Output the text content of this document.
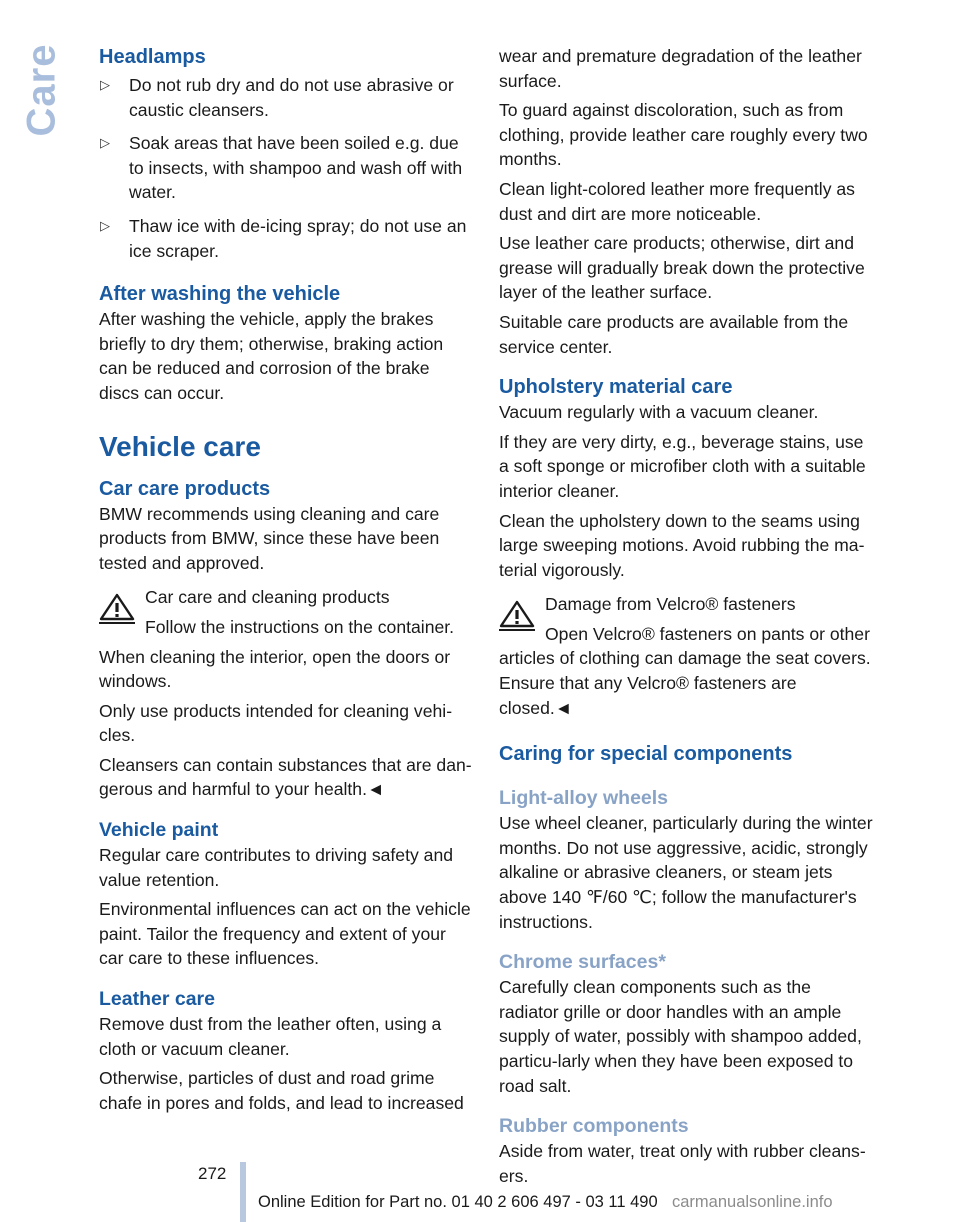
Care Headlamps
▷ Do not rub dry and do not use abrasive or caustic cleansers.
▷ Soak areas that have been soiled e.g. due to insects, with shampoo and wash off with water.
▷ Thaw ice with de-icing spray; do not use an ice scraper.
After washing the vehicle

After washing the vehicle, apply the brakes briefly to dry them; otherwise, braking action can be reduced and corrosion of the brake discs can occur.

Vehicle care
Car care products

BMW recommends using cleaning and care products from BMW, since these have been tested and approved.

Car care and cleaning products
Follow the instructions on the container.

When cleaning the interior, open the doors or windows.

Only use products intended for cleaning vehi-cles.

Cleansers can contain substances that are dan-gerous and harmful to your health.◄

Vehicle paint

Regular care contributes to driving safety and value retention.

Environmental influences can act on the vehicle paint. Tailor the frequency and extent of your car care to these influences.

Leather care

Remove dust from the leather often, using a cloth or vacuum cleaner.

Otherwise, particles of dust and road grime chafe in pores and folds, and lead to increased

wear and premature degradation of the leather surface.

To guard against discoloration, such as from clothing, provide leather care roughly every two months.

Clean light-colored leather more frequently as dust and dirt are more noticeable.

Use leather care products; otherwise, dirt and grease will gradually break down the protective layer of the leather surface.

Suitable care products are available from the service center.

Upholstery material care

Vacuum regularly with a vacuum cleaner.

If they are very dirty, e.g., beverage stains, use a soft sponge or microfiber cloth with a suitable interior cleaner.

Clean the upholstery down to the seams using large sweeping motions. Avoid rubbing the ma-terial vigorously.

Damage from Velcro® fasteners

Open Velcro® fasteners on pants or other articles of clothing can damage the seat covers. Ensure that any Velcro® fasteners are closed.◄

Caring for special components
Light-alloy wheels

Use wheel cleaner, particularly during the winter months. Do not use aggressive, acidic, strongly alkaline or abrasive cleaners, or steam jets above 140 ℉/60 ℃; follow the manufacturer's instructions.

Chrome surfaces*

Carefully clean components such as the radiator grille or door handles with an ample supply of water, possibly with shampoo added, particu-larly when they have been exposed to road salt.

Rubber components

Aside from water, treat only with rubber cleans-ers.

272
Online Edition for Part no. 01 40 2 606 497 - 03 11 490 carmanualsonline.info
